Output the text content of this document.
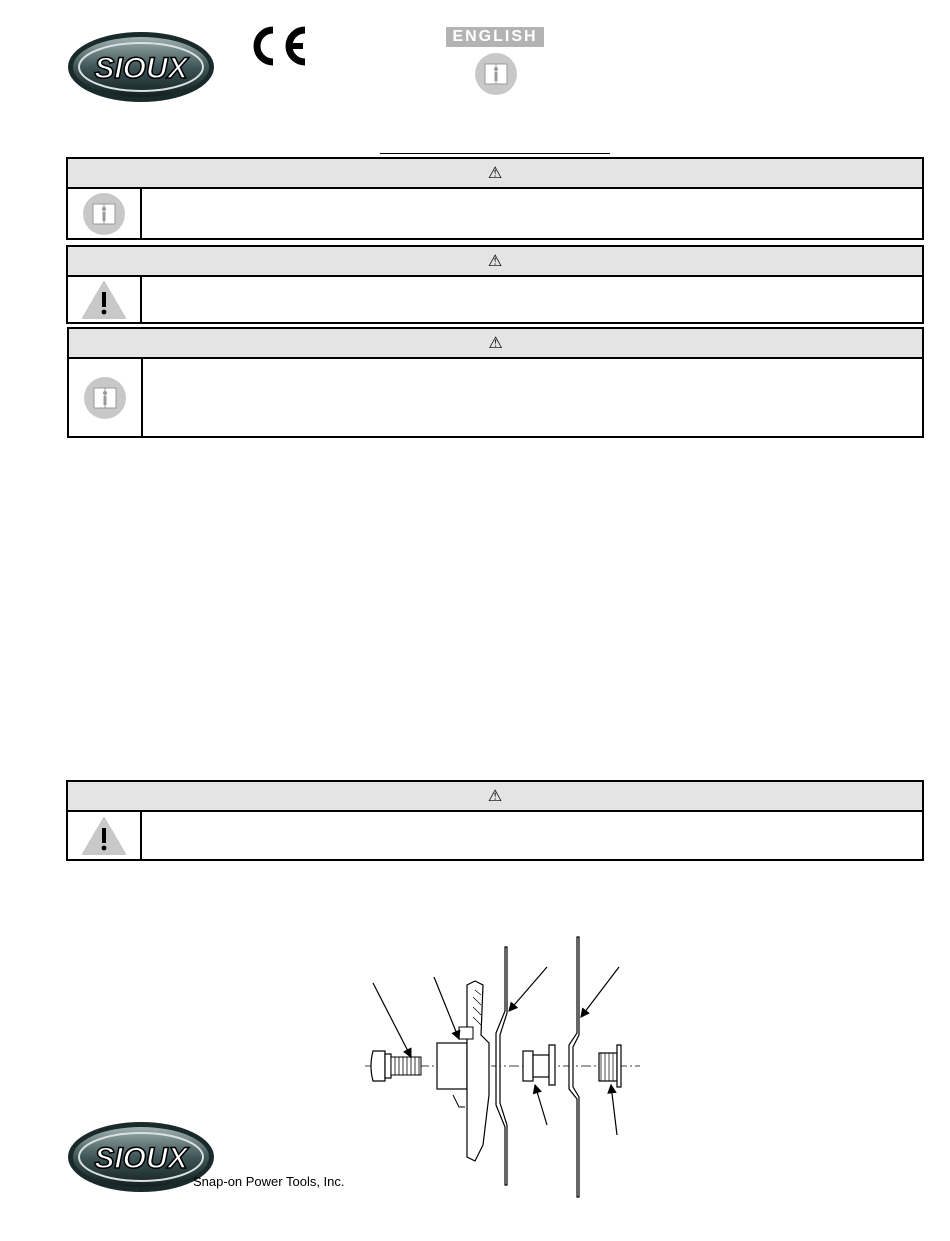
SIOUX
ENGLISH
⚠
⚠
⚠
⚠
SIOUX
Snap-on Power Tools, Inc.
